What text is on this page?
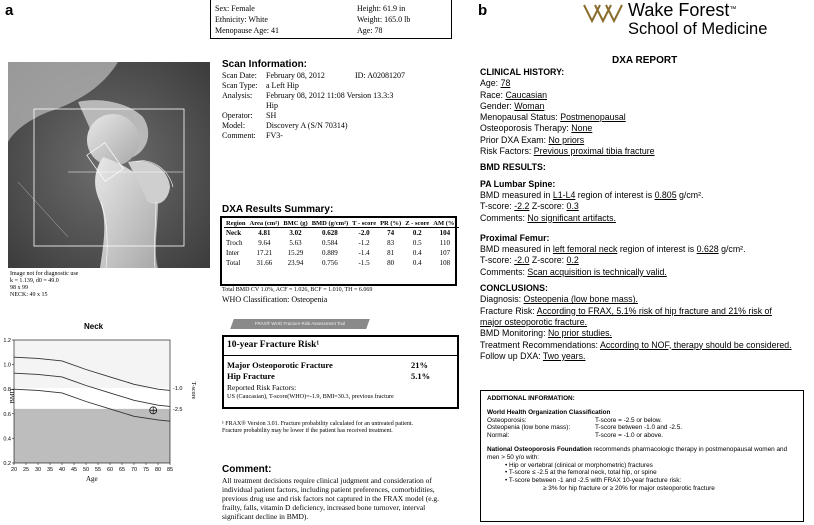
a	Sex: Female
Ethnicity: White
Menopause Age: 41
Height: 61.9 in
Weight: 165.0 lb
Age: 78
Image not for diagnostic use
k = 1.139, d0 = 49.0
98 x 99
NECK: 49 x 15
Neck
1.2
1.0
0.8
0.6
0.4
0.2
20 25 30 35 40 45 50 55 60 65 70 75 80 85
-1.0
-2.5
Age
BMD	T-score
Scan Information:
Scan Date: February 08, 2012	ID: A02081207
Scan Type: a Left Hip
Analysis: February 08, 2012 11:08 Version 13.3:3
Hip
Operator: SH
Model:	Discovery A (S/N 70314)
Comment: FV3-
DXA Results Summary:
Region	Area (cm²)	BMC (g)	BMD (g/cm²)	T - score	PR (%)	Z - score	AM (%)
Neck	4.81	3.02	0.628	-2.0	74	0.2	104
Troch	9.64	5.63	0.584	-1.2	83	0.5	110
Inter	17.21	15.29	0.889	-1.4	81	0.4	107
Total	31.66	23.94	0.756	-1.5	80	0.4	108
Total BMD CV 1.0%, ACF = 1.026, BCF = 1.010, TH = 6.069
WHO Classification: Osteopenia
FRAX® WHO Fracture Risk Assessment Tool
10-year Fracture Risk¹
Major Osteoporotic Fracture	21%
Hip Fracture	5.1%
Reported Risk Factors:
US (Caucasian), T-score(WHO)=-1.9, BMI=30.3, previous fracture
¹ FRAX® Version 3.01. Fracture probability calculated for an untreated patient. Fracture probability may be lower if the patient has received treatment.
Comment:
All treatment decisions require clinical judgment and consideration of individual patient factors, including patient preferences, comorbidities, previous drug use and risk factors not captured in the FRAX model (e.g. frailty, falls, vitamin D deficiency, increased bone turnover, interval significant decline in BMD).
b	Wake Forest™
School of Medicine
DXA REPORT
CLINICAL HISTORY:
Age: 78
Race: Caucasian
Gender: Woman
Menopausal Status: Postmenopausal
Osteoporosis Therapy: None
Prior DXA Exam: No priors
Risk Factors: Previous proximal tibia fracture
BMD RESULTS:
PA Lumbar Spine:
BMD measured in L1-L4 region of interest is 0.805 g/cm².
T-score: -2.2 Z-score: 0.3
Comments: No significant artifacts.
Proximal Femur:
BMD measured in left femoral neck region of interest is 0.628 g/cm².
T-score: -2.0 Z-score: 0.2
Comments: Scan acquisition is technically valid.
CONCLUSIONS:
Diagnosis: Osteopenia (low bone mass).
Fracture Risk: According to FRAX, 5.1% risk of hip fracture and 21% risk of
major osteoporotic fracture.
BMD Monitoring: No prior studies.
Treatment Recommendations: According to NOF, therapy should be considered.
Follow up DXA: Two years.
ADDITIONAL INFORMATION:
World Health Organization Classification
Osteoporosis:	T-score = -2.5 or below.
Osteopenia (low bone mass):	T-score between -1.0 and -2.5.
Normal:	T-score = -1.0 or above.
National Osteoporosis Foundation recommends pharmacologic therapy in postmenopausal women and men > 50 y/o with:
• Hip or vertebral (clinical or morphometric) fractures
• T-score ≤ -2.5 at the femoral neck, total hip, or spine
• T-score between -1 and -2.5 with FRAX 10-year fracture risk:
≥ 3% for hip fracture or ≥ 20% for major osteoporotic fracture
